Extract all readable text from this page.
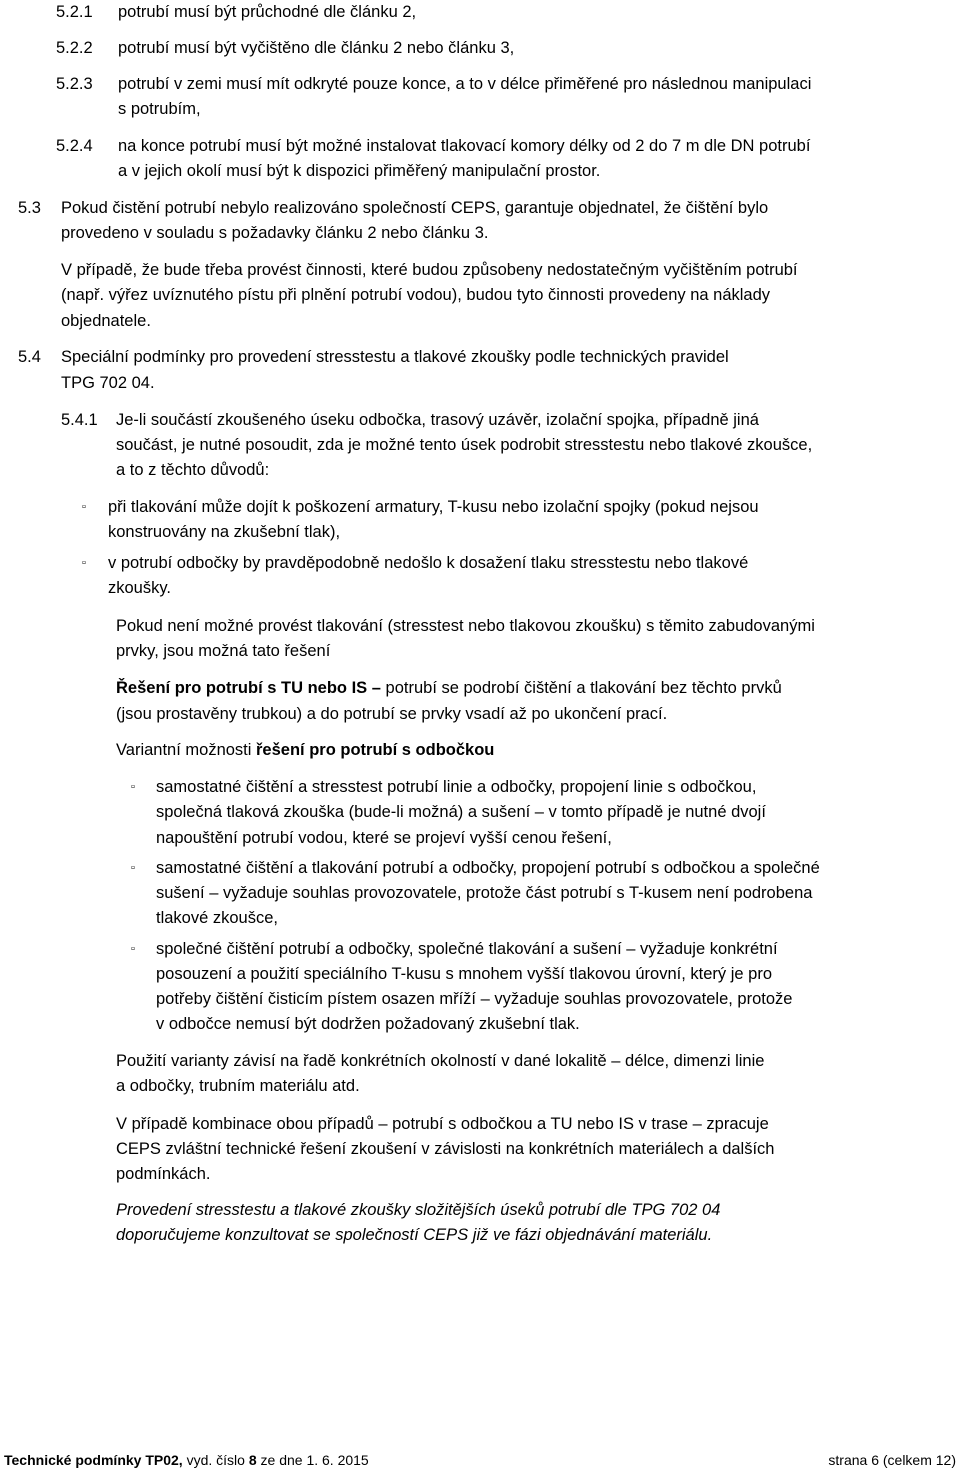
5.2.1 potrubí musí být průchodné dle článku 2,
5.2.2 potrubí musí být vyčištěno dle článku 2 nebo článku 3,
5.2.3 potrubí v zemi musí mít odkryté pouze konce, a to v délce přiměřené pro následnou manipulaci
s potrubím,
5.2.4 na konce potrubí musí být možné instalovat tlakovací komory délky od 2 do 7 m dle DN potrubí
a v jejich okolí musí být k dispozici přiměřený manipulační prostor.
5.3 Pokud čistění potrubí nebylo realizováno společností CEPS, garantuje objednatel, že čištění bylo
provedeno v souladu s požadavky článku 2 nebo článku 3.
V případě, že bude třeba provést činnosti, které budou způsobeny nedostatečným vyčištěním potrubí
(např. výřez uvíznutého pístu při plnění potrubí vodou), budou tyto činnosti provedeny na náklady
objednatele.
5.4 Speciální podmínky pro provedení stresstestu a tlakové zkoušky podle technických pravidel
TPG 702 04.
5.4.1 Je-li součástí zkoušeného úseku odbočka, trasový uzávěr, izolační spojka, případně jiná
součást, je nutné posoudit, zda je možné tento úsek podrobit stresstestu nebo tlakové zkoušce,
a to z těchto důvodů:
▫ při tlakování může dojít k poškození armatury, T-kusu nebo izolační spojky (pokud nejsou
konstruovány na zkušební tlak),
▫ v potrubí odbočky by pravděpodobně nedošlo k dosažení tlaku stresstestu nebo tlakové
zkoušky.
Pokud není možné provést tlakování (stresstest nebo tlakovou zkoušku) s těmito zabudovanými
prvky, jsou možná tato řešení
Řešení pro potrubí s TU nebo IS – potrubí se podrobí čištění a tlakování bez těchto prvků
(jsou prostavěny trubkou) a do potrubí se prvky vsadí až po ukončení prací.
Variantní možnosti řešení pro potrubí s odbočkou
▫ samostatné čištění a stresstest potrubí linie a odbočky, propojení linie s odbočkou,
společná tlaková zkouška (bude-li možná) a sušení – v tomto případě je nutné dvojí
napouštění potrubí vodou, které se projeví vyšší cenou řešení,
▫ samostatné čištění a tlakování potrubí a odbočky, propojení potrubí s odbočkou a společné
sušení – vyžaduje souhlas provozovatele, protože část potrubí s T-kusem není podrobena
tlakové zkoušce,
▫ společné čištění potrubí a odbočky, společné tlakování a sušení – vyžaduje konkrétní
posouzení a použití speciálního T-kusu s mnohem vyšší tlakovou úrovní, který je pro
potřeby čištění čisticím pístem osazen mříží – vyžaduje souhlas provozovatele, protože
v odbočce nemusí být dodržen požadovaný zkušební tlak.
Použití varianty závisí na řadě konkrétních okolností v dané lokalitě – délce, dimenzi linie
a odbočky, trubním materiálu atd.
V případě kombinace obou případů – potrubí s odbočkou a TU nebo IS v trase – zpracuje
CEPS zvláštní technické řešení zkoušení v závislosti na konkrétních materiálech a dalších
podmínkách.
Provedení stresstestu a tlakové zkoušky složitějších úseků potrubí dle TPG 702 04
doporučujeme konzultovat se společností CEPS již ve fázi objednávání materiálu.
Technické podmínky TP02, vyd. číslo 8 ze dne 1. 6. 2015	strana 6 (celkem 12)
